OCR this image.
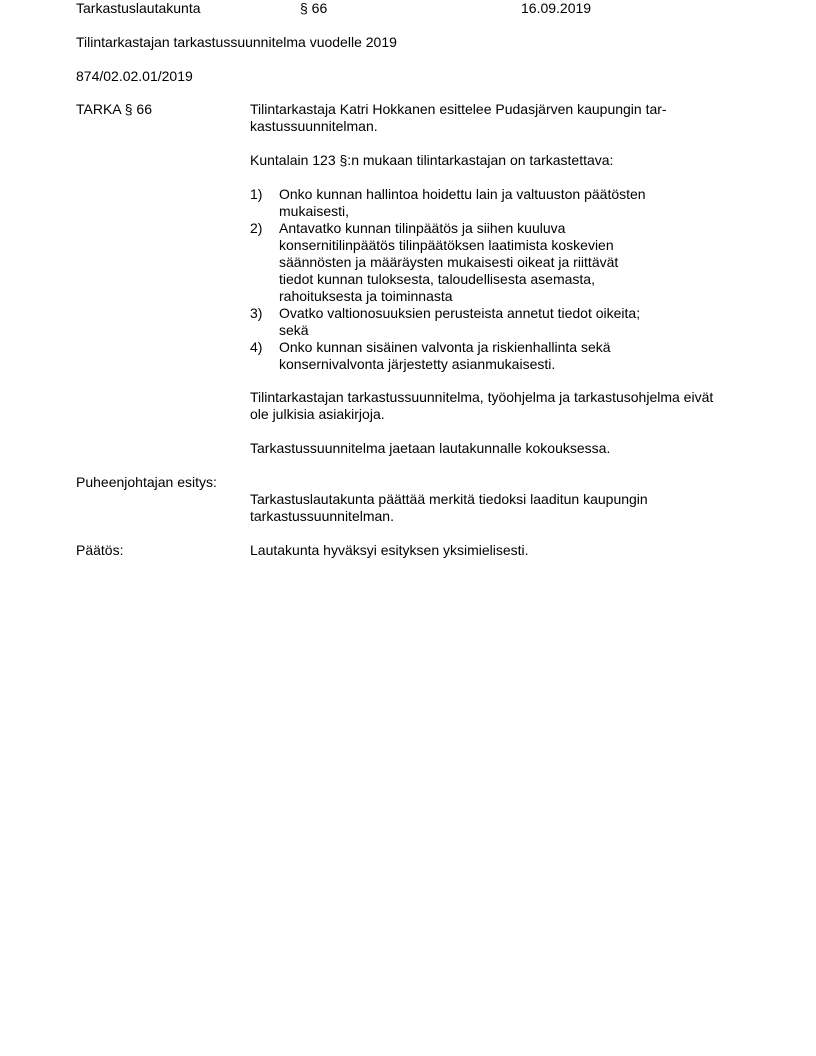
Tarkastuslautakunta	§ 66	16.09.2019
Tilintarkastajan tarkastussuunnitelma vuodelle 2019
874/02.02.01/2019
TARKA § 66	Tilintarkastaja Katri Hokkanen esittelee Pudasjärven kaupungin tar-
kastussuunnitelman.
Kuntalain 123 §:n mukaan tilintarkastajan on tarkastettava:
1) Onko kunnan hallintoa hoidettu lain ja valtuuston päätösten
mukaisesti,
2) Antavatko kunnan tilinpäätös ja siihen kuuluva
konsernitilinpäätös tilinpäätöksen laatimista koskevien
säännösten ja määräysten mukaisesti oikeat ja riittävät
tiedot kunnan tuloksesta, taloudellisesta asemasta,
rahoituksesta ja toiminnasta
3) Ovatko valtionosuuksien perusteista annetut tiedot oikeita;
sekä
4) Onko kunnan sisäinen valvonta ja riskienhallinta sekä
konsernivalvonta järjestetty asianmukaisesti.
Tilintarkastajan tarkastussuunnitelma, työohjelma ja tarkastusohjelma eivät
ole julkisia asiakirjoja.
Tarkastussuunnitelma jaetaan lautakunnalle kokouksessa.
Puheenjohtajan esitys:
Tarkastuslautakunta päättää merkitä tiedoksi laaditun kaupungin
tarkastussuunnitelman.
Päätös:	Lautakunta hyväksyi esityksen yksimielisesti.
